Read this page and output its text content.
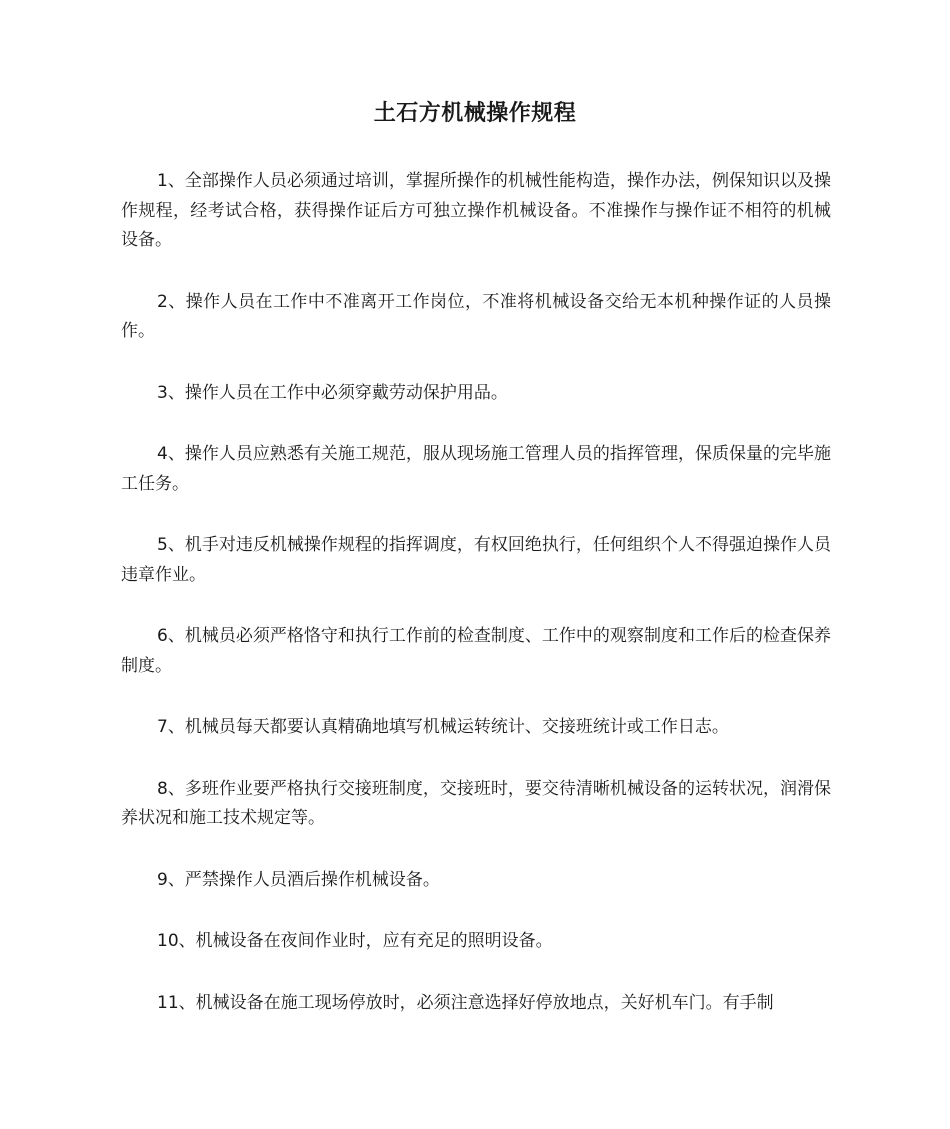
土石方机械操作规程

1、全部操作人员必须通过培训，掌握所操作的机械性能构造，操作办法，例保知识以及操作规程，经考试合格，获得操作证后方可独立操作机械设备。不准操作与操作证不相符的机械设备。

2、操作人员在工作中不准离开工作岗位，不准将机械设备交给无本机种操作证的人员操作。

3、操作人员在工作中必须穿戴劳动保护用品。

4、操作人员应熟悉有关施工规范，服从现场施工管理人员的指挥管理，保质保量的完毕施工任务。

5、机手对违反机械操作规程的指挥调度，有权回绝执行，任何组织个人不得强迫操作人员违章作业。

6、机械员必须严格恪守和执行工作前的检查制度、工作中的观察制度和工作后的检查保养制度。

7、机械员每天都要认真精确地填写机械运转统计、交接班统计或工作日志。

8、多班作业要严格执行交接班制度，交接班时，要交待清晰机械设备的运转状况，润滑保养状况和施工技术规定等。

9、严禁操作人员酒后操作机械设备。

10、机械设备在夜间作业时，应有充足的照明设备。

11、机械设备在施工现场停放时，必须注意选择好停放地点，关好机车门。有手制
